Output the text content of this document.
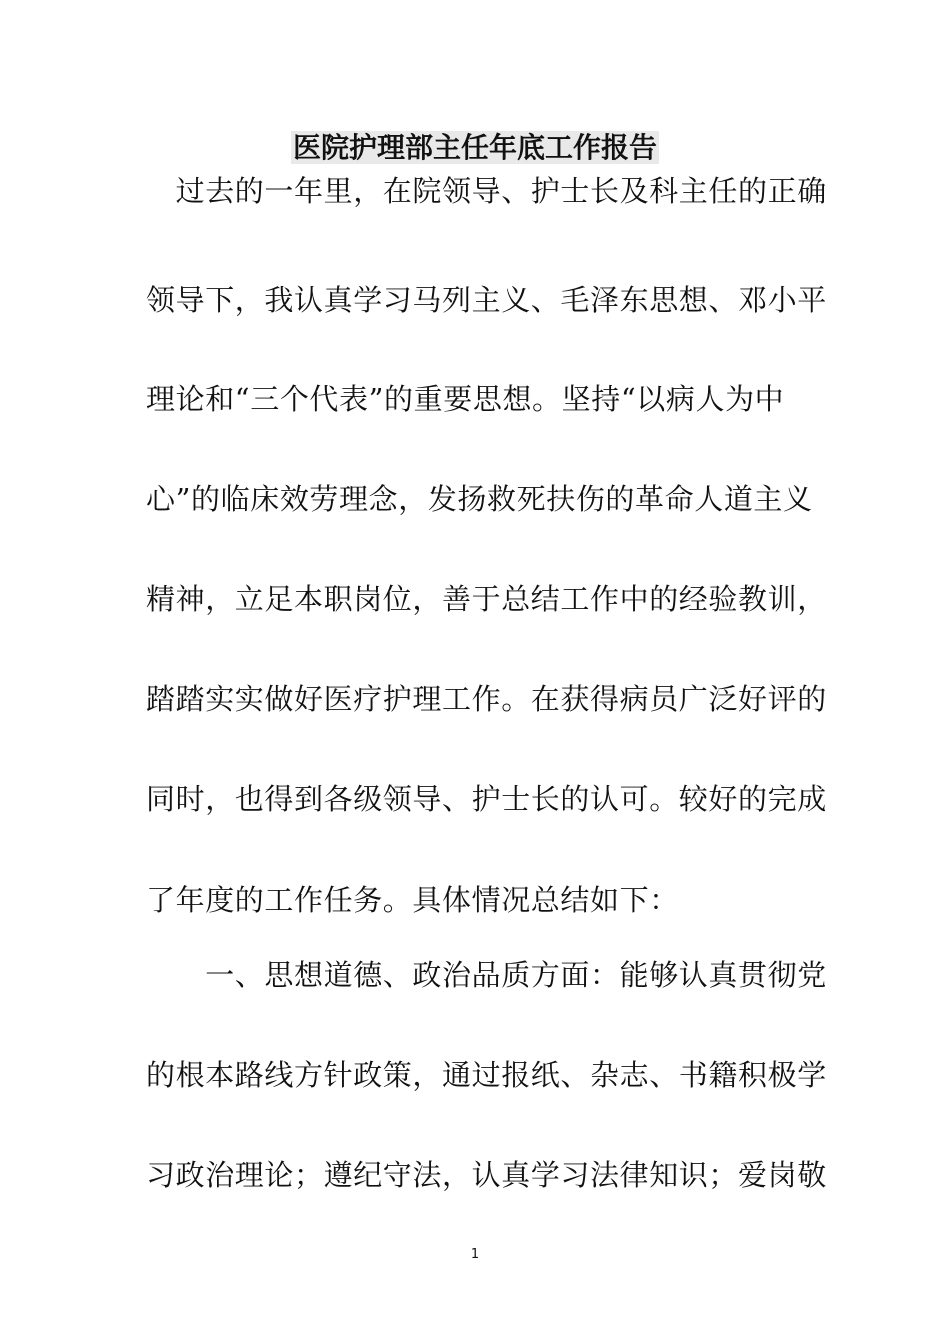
医院护理部主任年底工作报告
　过去的一年里，在院领导、护士长及科主任的正确
领导下，我认真学习马列主义、毛泽东思想、邓小平
理论和“三个代表”的重要思想。坚持“以病人为中
心”的临床效劳理念，发扬救死扶伤的革命人道主义
精神，立足本职岗位，善于总结工作中的经验教训，
踏踏实实做好医疗护理工作。在获得病员广泛好评的
同时，也得到各级领导、护士长的认可。较好的完成
了年度的工作任务。具体情况总结如下：
　　一、思想道德、政治品质方面：能够认真贯彻党
的根本路线方针政策，通过报纸、杂志、书籍积极学
习政治理论；遵纪守法，认真学习法律知识；爱岗敬
1
